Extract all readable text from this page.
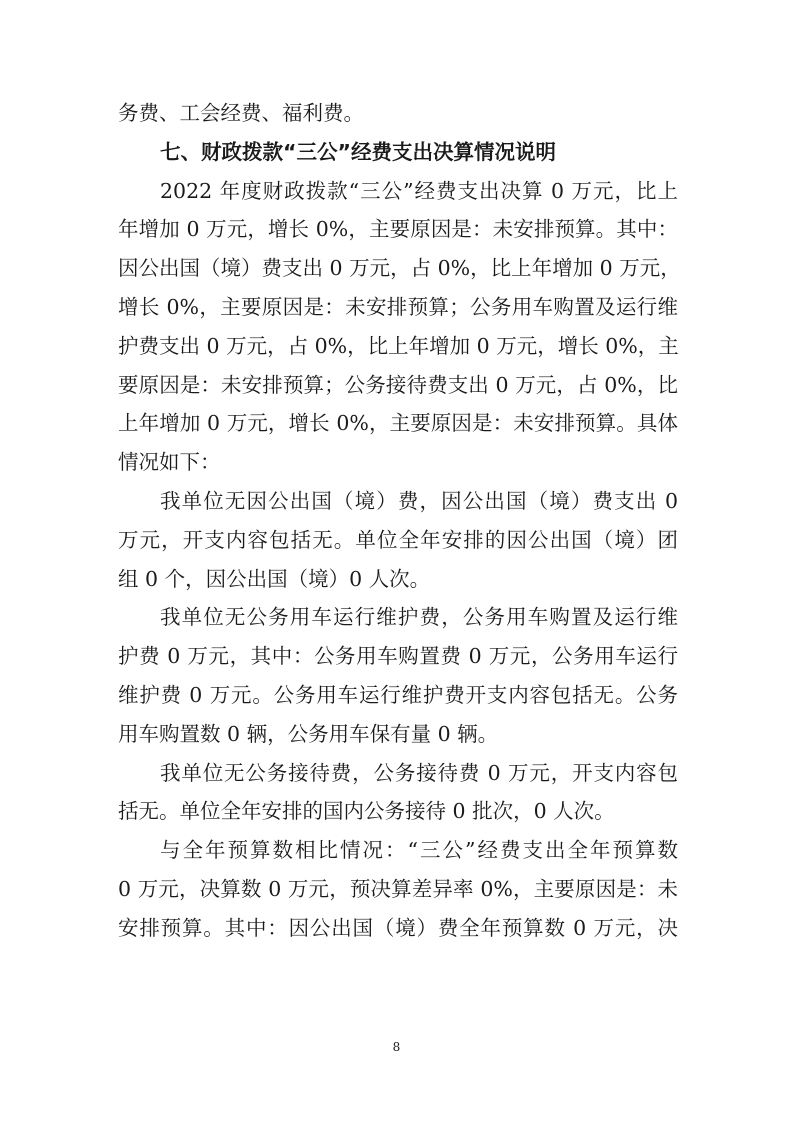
务费、工会经费、福利费。
七、财政拨款“三公”经费支出决算情况说明
2022 年度财政拨款“三公”经费支出决算 0 万元，比上
年增加 0 万元，增长 0%，主要原因是：未安排预算。其中：
因公出国（境）费支出 0 万元，占 0%，比上年增加 0 万元，
增长 0%，主要原因是：未安排预算；公务用车购置及运行维
护费支出 0 万元，占 0%，比上年增加 0 万元，增长 0%，主
要原因是：未安排预算；公务接待费支出 0 万元，占 0%，比
上年增加 0 万元，增长 0%，主要原因是：未安排预算。具体
情况如下：
我单位无因公出国（境）费，因公出国（境）费支出 0
万元，开支内容包括无。单位全年安排的因公出国（境）团
组 0 个，因公出国（境）0 人次。
我单位无公务用车运行维护费，公务用车购置及运行维
护费 0 万元，其中：公务用车购置费 0 万元，公务用车运行
维护费 0 万元。公务用车运行维护费开支内容包括无。公务
用车购置数 0 辆，公务用车保有量 0 辆。
我单位无公务接待费，公务接待费 0 万元，开支内容包
括无。单位全年安排的国内公务接待 0 批次，0 人次。
与全年预算数相比情况：“三公”经费支出全年预算数
0 万元，决算数 0 万元，预决算差异率 0%，主要原因是：未
安排预算。其中：因公出国（境）费全年预算数 0 万元，决
8
